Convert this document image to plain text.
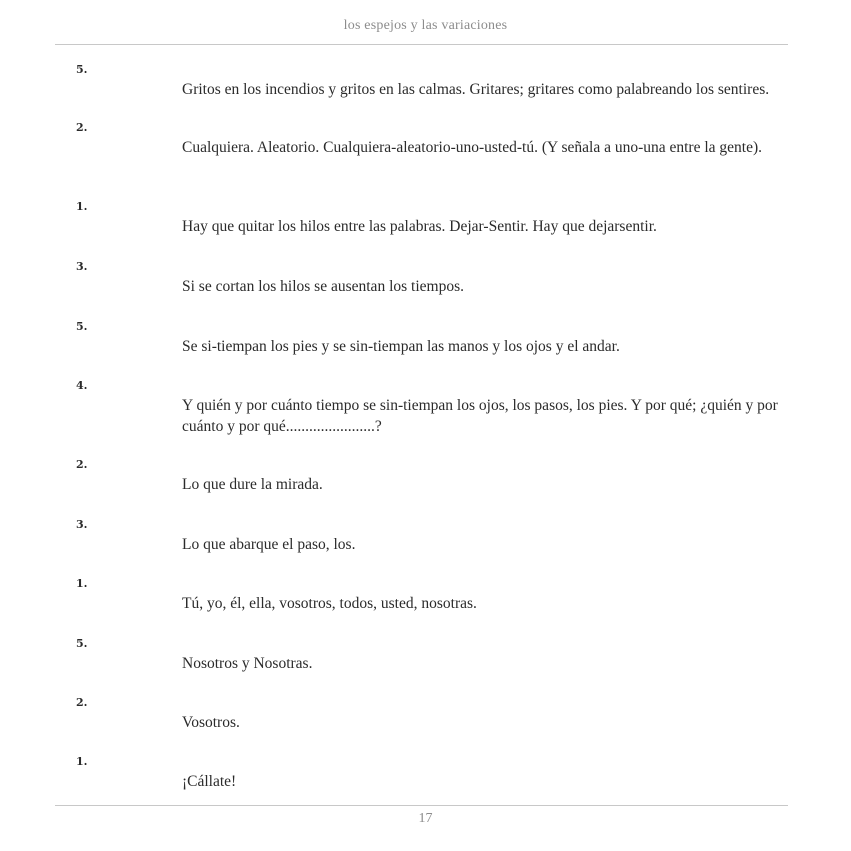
los espejos y las variaciones
5.
Gritos en los incendios y gritos en las calmas. Gritares; gritares como palabreando los sentires.
2.
Cualquiera. Aleatorio. Cualquiera-aleatorio-uno-usted-tú. (Y señala a uno-una entre la gente).
1.
Hay que quitar los hilos entre las palabras. Dejar-Sentir. Hay que dejarsentir.
3.
Si se cortan los hilos se ausentan los tiempos.
5.
Se si-tiempan los pies y se sin-tiempan las manos y los ojos y el andar.
4.
Y quién y por cuánto tiempo se sin-tiempan los ojos, los pasos, los pies. Y por qué; ¿quién y por cuánto y por qué.......................?
2.
Lo que dure la mirada.
3.
Lo que abarque el paso, los.
1.
Tú, yo, él, ella, vosotros, todos, usted, nosotras.
5.
Nosotros y Nosotras.
2.
Vosotros.
1.
¡Cállate!
17
